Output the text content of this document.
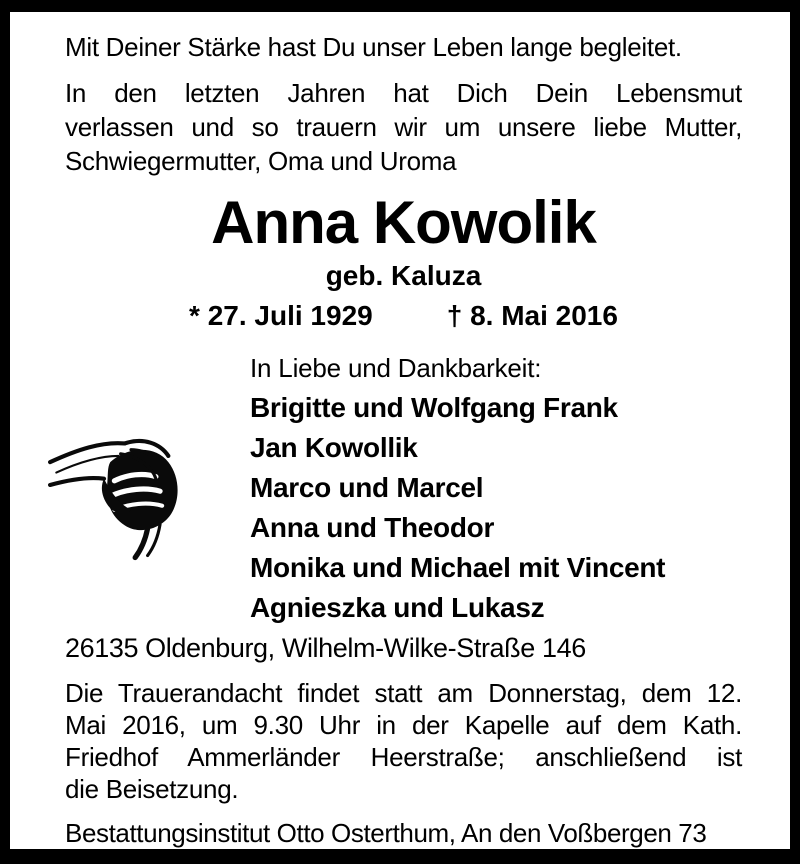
Mit Deiner Stärke hast Du unser Leben lange begleitet.

In den letzten Jahren hat Dich Dein Lebensmut
verlassen und so trauern wir um unsere liebe Mutter,
Schwiegermutter, Oma und Uroma
Anna Kowolik
geb. Kaluza
* 27. Juli 1929	† 8. Mai 2016
In Liebe und Dankbarkeit:
Brigitte und Wolfgang Frank
Jan Kowollik
Marco und Marcel
Anna und Theodor
Monika und Michael mit Vincent
Agnieszka und Lukasz

26135 Oldenburg, Wilhelm-Wilke-Straße 146

Die Trauerandacht findet statt am Donnerstag, dem 12.
Mai 2016, um 9.30 Uhr in der Kapelle auf dem Kath.
Friedhof Ammerländer Heerstraße; anschließend ist
die Beisetzung.

Bestattungsinstitut Otto Osterthum, An den Voßbergen 73
